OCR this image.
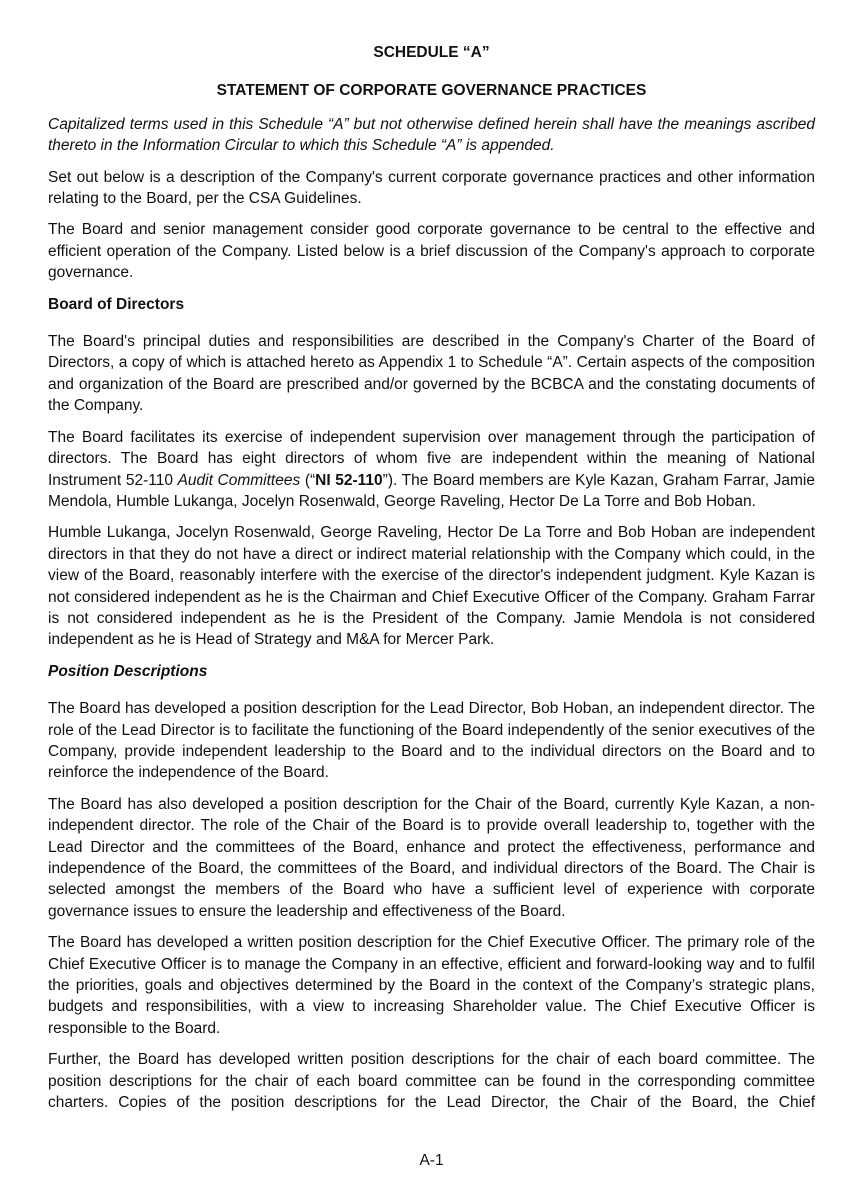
SCHEDULE “A”
STATEMENT OF CORPORATE GOVERNANCE PRACTICES

Capitalized terms used in this Schedule “A” but not otherwise defined herein shall have the meanings ascribed thereto in the Information Circular to which this Schedule “A” is appended.

Set out below is a description of the Company's current corporate governance practices and other information relating to the Board, per the CSA Guidelines.

The Board and senior management consider good corporate governance to be central to the effective and efficient operation of the Company. Listed below is a brief discussion of the Company's approach to corporate governance.

Board of Directors

The Board's principal duties and responsibilities are described in the Company's Charter of the Board of Directors, a copy of which is attached hereto as Appendix 1 to Schedule “A”. Certain aspects of the composition and organization of the Board are prescribed and/or governed by the BCBCA and the constating documents of the Company.

The Board facilitates its exercise of independent supervision over management through the participation of directors. The Board has eight directors of whom five are independent within the meaning of National Instrument 52-110 Audit Committees (“NI 52-110”). The Board members are Kyle Kazan, Graham Farrar, Jamie Mendola, Humble Lukanga, Jocelyn Rosenwald, George Raveling, Hector De La Torre and Bob Hoban.

Humble Lukanga, Jocelyn Rosenwald, George Raveling, Hector De La Torre and Bob Hoban are independent directors in that they do not have a direct or indirect material relationship with the Company which could, in the view of the Board, reasonably interfere with the exercise of the director's independent judgment. Kyle Kazan is not considered independent as he is the Chairman and Chief Executive Officer of the Company. Graham Farrar is not considered independent as he is the President of the Company. Jamie Mendola is not considered independent as he is Head of Strategy and M&A for Mercer Park.

Position Descriptions

The Board has developed a position description for the Lead Director, Bob Hoban, an independent director. The role of the Lead Director is to facilitate the functioning of the Board independently of the senior executives of the Company, provide independent leadership to the Board and to the individual directors on the Board and to reinforce the independence of the Board.

The Board has also developed a position description for the Chair of the Board, currently Kyle Kazan, a non-independent director. The role of the Chair of the Board is to provide overall leadership to, together with the Lead Director and the committees of the Board, enhance and protect the effectiveness, performance and independence of the Board, the committees of the Board, and individual directors of the Board. The Chair is selected amongst the members of the Board who have a sufficient level of experience with corporate governance issues to ensure the leadership and effectiveness of the Board.

The Board has developed a written position description for the Chief Executive Officer. The primary role of the Chief Executive Officer is to manage the Company in an effective, efficient and forward-looking way and to fulfil the priorities, goals and objectives determined by the Board in the context of the Company’s strategic plans, budgets and responsibilities, with a view to increasing Shareholder value. The Chief Executive Officer is responsible to the Board.

Further, the Board has developed written position descriptions for the chair of each board committee. The position descriptions for the chair of each board committee can be found in the corresponding committee charters. Copies of the position descriptions for the Lead Director, the Chair of the Board, the Chief

A-1
